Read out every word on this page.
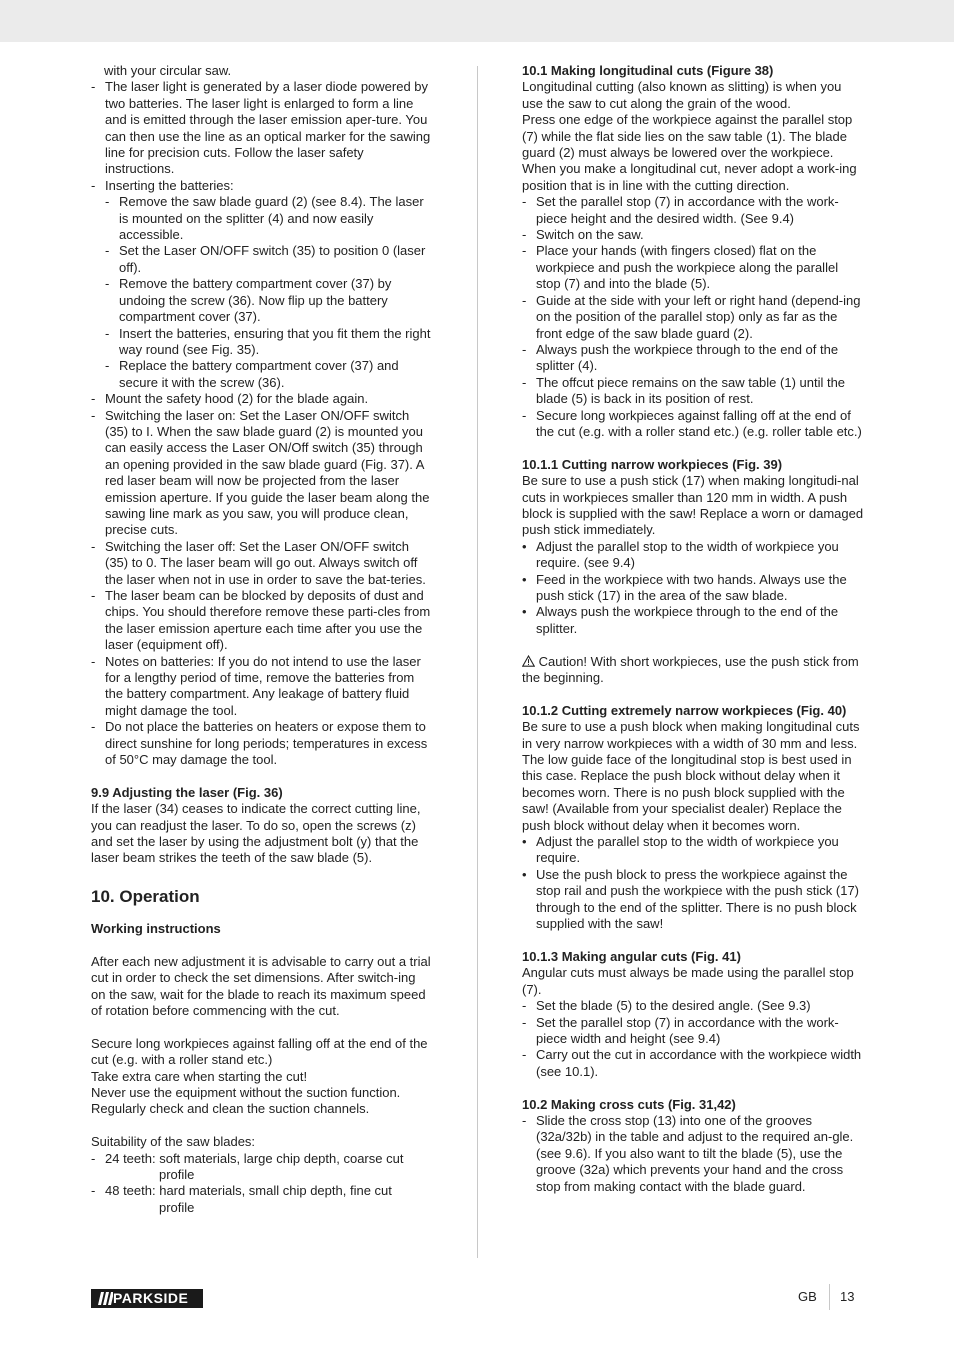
with your circular saw.

- The laser light is generated by a laser diode powered by two batteries. The laser light is enlarged to form a line and is emitted through the laser emission aper-ture. You can then use the line as an optical marker for the sawing line for precision cuts. Follow the laser safety instructions.
- Inserting the batteries:
- Remove the saw blade guard (2) (see 8.4). The laser is mounted on the splitter (4) and now easily accessible.
- Set the Laser ON/OFF switch (35) to position 0 (laser off).
- Remove the battery compartment cover (37) by undoing the screw (36). Now flip up the battery compartment cover (37).
- Insert the batteries, ensuring that you fit them the right way round (see Fig. 35).
- Replace the battery compartment cover (37) and secure it with the screw (36).
- Mount the safety hood (2) for the blade again.
- Switching the laser on: Set the Laser ON/OFF switch (35) to I. When the saw blade guard (2) is mounted you can easily access the Laser ON/Off switch (35) through an opening provided in the saw blade guard (Fig. 37). A red laser beam will now be projected from the laser emission aperture. If you guide the laser beam along the sawing line mark as you saw, you will produce clean, precise cuts.
- Switching the laser off: Set the Laser ON/OFF switch (35) to 0. The laser beam will go out. Always switch off the laser when not in use in order to save the bat-teries.
- The laser beam can be blocked by deposits of dust and chips. You should therefore remove these parti-cles from the laser emission aperture each time after you use the laser (equipment off).
- Notes on batteries: If you do not intend to use the laser for a lengthy period of time, remove the batteries from the battery compartment. Any leakage of battery fluid might damage the tool.
- Do not place the batteries on heaters or expose them to direct sunshine for long periods; temperatures in excess of 50°C may damage the tool.

9.9 Adjusting the laser (Fig. 36)

If the laser (34) ceases to indicate the correct cutting line, you can readjust the laser. To do so, open the screws (z) and set the laser by using the adjustment bolt (y) that the laser beam strikes the teeth of the saw blade (5).

10. Operation

Working instructions

After each new adjustment it is advisable to carry out a trial cut in order to check the set dimensions. After switch-ing on the saw, wait for the blade to reach its maximum speed of rotation before commencing with the cut.

Secure long workpieces against falling off at the end of the cut (e.g. with a roller stand etc.)

Take extra care when starting the cut!

Never use the equipment without the suction function.

Regularly check and clean the suction channels.

Suitability of the saw blades:

- 24 teeth: soft materials, large chip depth, coarse cut
profile
- 48 teeth: hard materials, small chip depth, fine cut
profile

10.1 Making longitudinal cuts (Figure 38)

Longitudinal cutting (also known as slitting) is when you use the saw to cut along the grain of the wood.

Press one edge of the workpiece against the parallel stop (7) while the flat side lies on the saw table (1). The blade guard (2) must always be lowered over the workpiece.

When you make a longitudinal cut, never adopt a work-ing position that is in line with the cutting direction.

- Set the parallel stop (7) in accordance with the work-piece height and the desired width. (See 9.4)
- Switch on the saw.
- Place your hands (with fingers closed) flat on the workpiece and push the workpiece along the parallel stop (7) and into the blade (5).
- Guide at the side with your left or right hand (depend-ing on the position of the parallel stop) only as far as the front edge of the saw blade guard (2).
- Always push the workpiece through to the end of the splitter (4).
- The offcut piece remains on the saw table (1) until the blade (5) is back in its position of rest.
- Secure long workpieces against falling off at the end of the cut (e.g. with a roller stand etc.) (e.g. roller table etc.)

10.1.1 Cutting narrow workpieces (Fig. 39)

Be sure to use a push stick (17) when making longitudi-nal cuts in workpieces smaller than 120 mm in width. A push block is supplied with the saw! Replace a worn or damaged push stick immediately.

• Adjust the parallel stop to the width of workpiece you require. (see 9.4)
• Feed in the workpiece with two hands. Always use the push stick (17) in the area of the saw blade.
• Always push the workpiece through to the end of the splitter.

Caution! With short workpieces, use the push stick from the beginning.

10.1.2 Cutting extremely narrow workpieces (Fig. 40)

Be sure to use a push block when making longitudinal cuts in very narrow workpieces with a width of 30 mm and less. The low guide face of the longitudinal stop is best used in this case. Replace the push block without delay when it becomes worn. There is no push block supplied with the saw! (Available from your specialist dealer) Replace the push block without delay when it becomes worn.

• Adjust the parallel stop to the width of workpiece you require.
• Use the push block to press the workpiece against the stop rail and push the workpiece with the push stick (17) through to the end of the splitter. There is no push block supplied with the saw!

10.1.3 Making angular cuts (Fig. 41)

Angular cuts must always be made using the parallel stop (7).

- Set the blade (5) to the desired angle. (See 9.3)
- Set the parallel stop (7) in accordance with the work-piece width and height (see 9.4)
- Carry out the cut in accordance with the workpiece width (see 10.1).

10.2 Making cross cuts (Fig. 31,42)

- Slide the cross stop (13) into one of the grooves (32a/32b) in the table and adjust to the required an-gle. (see 9.6). If you also want to tilt the blade (5), use the groove (32a) which prevents your hand and the cross stop from making contact with the blade guard.
PARKSIDE	GB 13
